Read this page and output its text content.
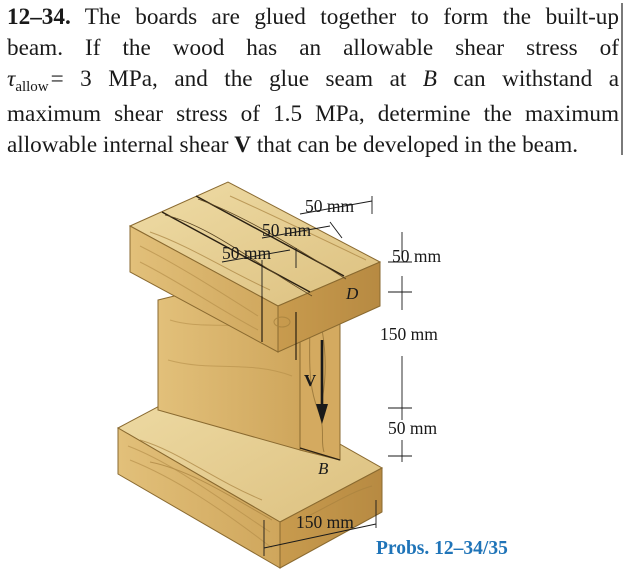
12–34. The boards are glued together to form the built-up
beam. If the wood has an allowable shear stress of
$\tau_{allow}= 3$ MPa, and the glue seam at B can withstand a
maximum shear stress of 1.5 MPa, determine the maximum
allowable internal shear V that can be developed in the beam.
50 mm
50 mm
50 mm	50 mm
150 mm
50 mm
150 mm
D
V
B
Probs. 12–34/35
